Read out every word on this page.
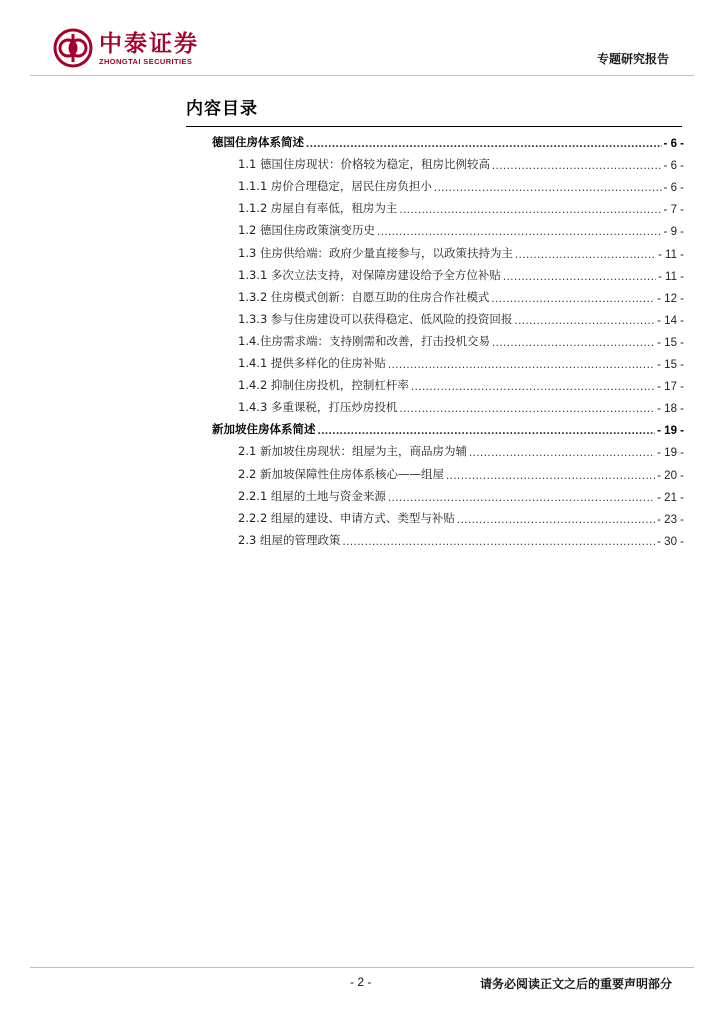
中泰证券
ZHONGTAI SECURITIES	专题研究报告
内容目录
德国住房体系简述 .....	- 6 -
1.1 德国住房现状：价格较为稳定，租房比例较高 .....	- 6 -
1.1.1 房价合理稳定，居民住房负担小 .....	- 6 -
1.1.2 房屋自有率低，租房为主 .....	- 7 -
1.2 德国住房政策演变历史 .....	- 9 -
1.3 住房供给端：政府少量直接参与，以政策扶持为主 .....	- 11 -
1.3.1 多次立法支持，对保障房建设给予全方位补贴 .....	- 11 -
1.3.2 住房模式创新：自愿互助的住房合作社模式 .....	- 12 -
1.3.3 参与住房建设可以获得稳定、低风险的投资回报 .....	- 14 -
1.4.住房需求端：支持刚需和改善，打击投机交易 .....	- 15 -
1.4.1 提供多样化的住房补贴 .....	- 15 -
1.4.2 抑制住房投机，控制杠杆率 .....	- 17 -
1.4.3 多重课税，打压炒房投机 .....	- 18 -
新加坡住房体系简述 .....	- 19 -
2.1 新加坡住房现状：组屋为主，商品房为辅 .....	- 19 -
2.2 新加坡保障性住房体系核心——组屋 .....	- 20 -
2.2.1 组屋的土地与资金来源 .....	- 21 -
2.2.2 组屋的建设、申请方式、类型与补贴 .....	- 23 -
2.3 组屋的管理政策 .....	- 30 -
- 2 -	请务必阅读正文之后的重要声明部分
